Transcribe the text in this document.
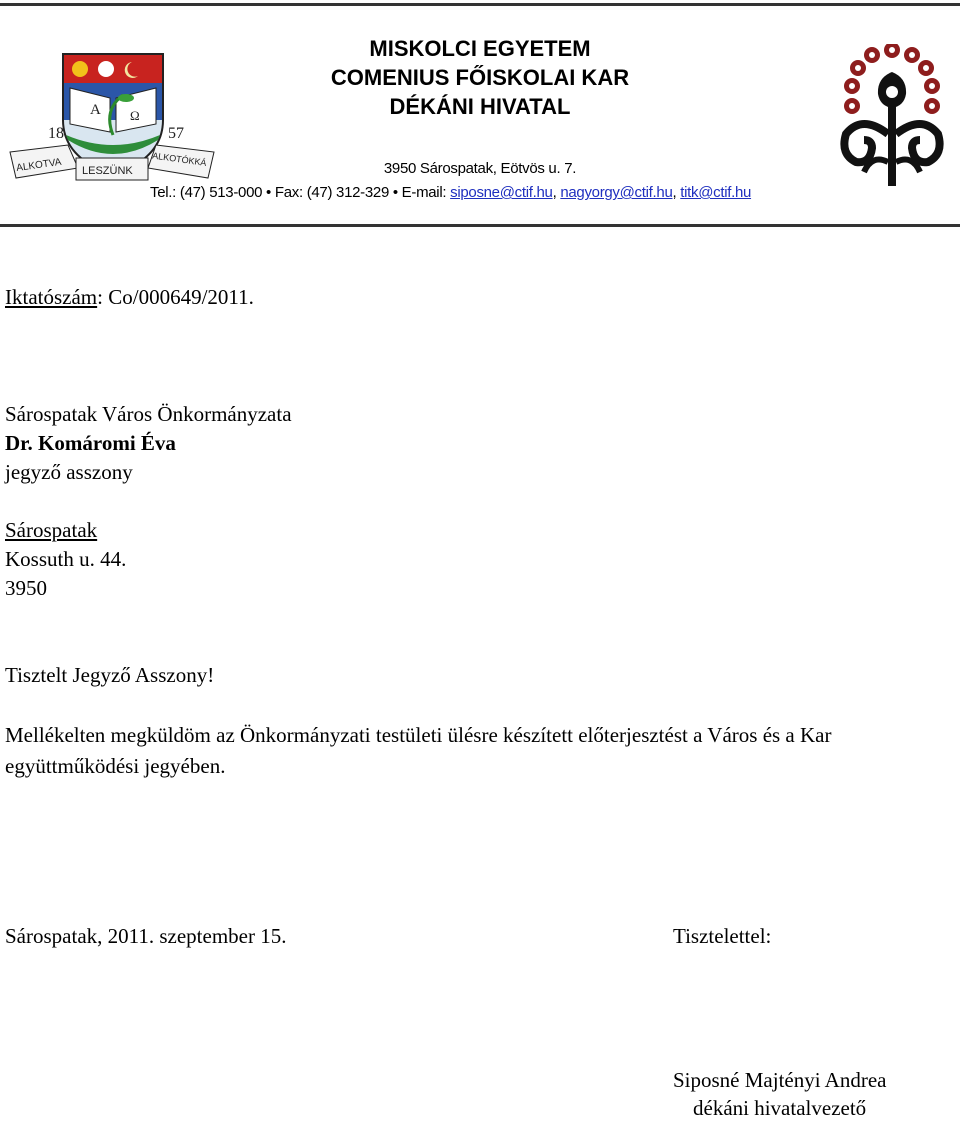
A Ω
18	57
ALKOTVA LESZÜNK
ALKOTÓKKÁ
MISKOLCI EGYETEM
COMENIUS FŐISKOLAI KAR
DÉKÁNI HIVATAL
3950 Sárospatak, Eötvös u. 7.
Tel.: (47) 513-000 • Fax: (47) 312-329 • E-mail: siposne@ctif.hu, nagyorgy@ctif.hu, titk@ctif.hu
Iktatószám: Co/000649/2011.
Sárospatak Város Önkormányzata
Dr. Komáromi Éva
jegyző asszony
Sárospatak
Kossuth u. 44.
3950
Tisztelt Jegyző Asszony!
Mellékelten megküldöm az Önkormányzati testületi ülésre készített előterjesztést a Város és a Kar együttműködési jegyében.
Sárospatak, 2011. szeptember 15.	Tisztelettel:
Siposné Majtényi Andrea
dékáni hivatalvezető
